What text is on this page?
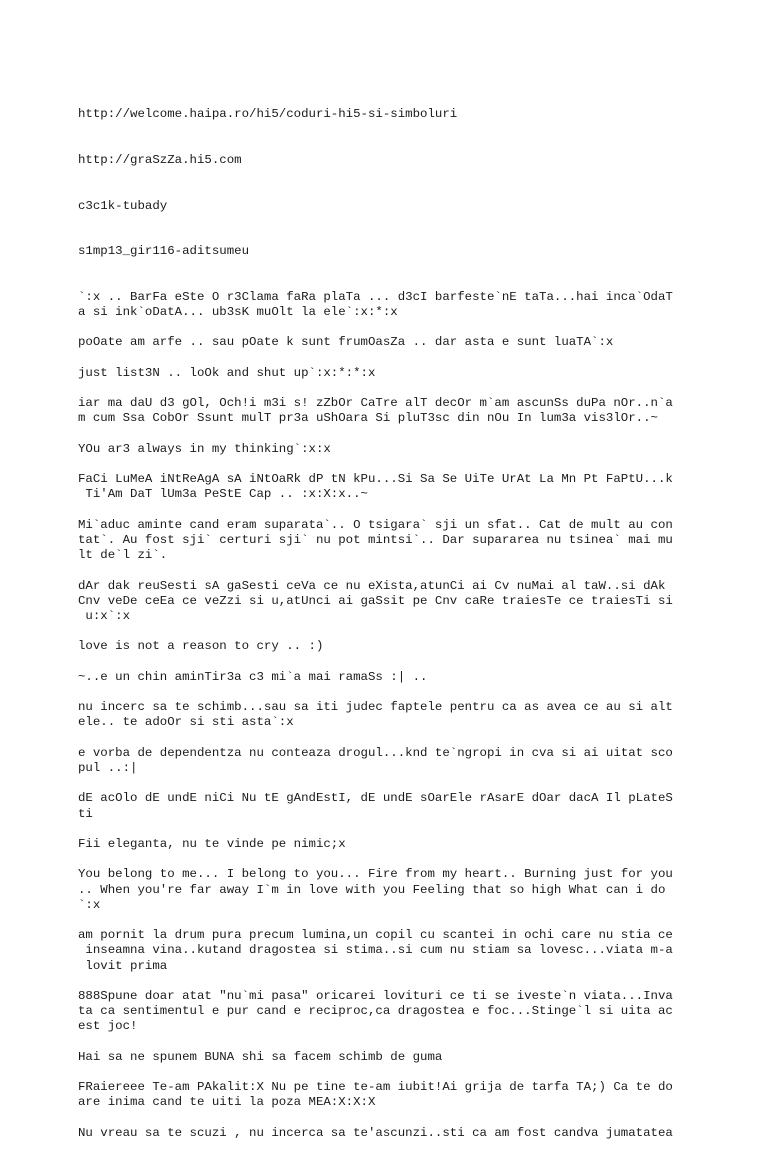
http://welcome.haipa.ro/hi5/coduri-hi5-si-simboluri

http://graSzZa.hi5.com

c3c1k-tubady

s1mp13_gir116-aditsumeu

`:x .. BarFa eSte O r3Clama faRa plaTa ... d3cI barfeste`nE taTa...hai inca`OdaT
a si ink`oDatA... ub3sK muOlt la ele`:x:*:x
poOate am arfe .. sau pOate k sunt frumOasZa .. dar asta e sunt luaTA`:x
just list3N .. loOk and shut up`:x:*:*:x
iar ma daU d3 gOl, Och!i m3i s! zZbOr CaTre alT decOr m`am ascunSs duPa nOr..n`a
m cum Ssa CobOr Ssunt mulT pr3a uShOara Si pluT3sc din nOu In lum3a vis3lOr..~
YOu ar3 always in my thinking`:x:x
FaCi LuMeA iNtReAgA sA iNtOaRk dP tN kPu...Si Sa Se UiTe UrAt La Mn Pt FaPtU...k
Ti'Am DaT lUm3a PeStE Cap .. :x:X:x..~
Mi`aduc aminte cand eram suparata`.. O tsigara` sji un sfat.. Cat de mult au con
tat`. Au fost sji` certuri sji` nu pot mintsi`.. Dar supararea nu tsinea` mai mu
lt de`l zi`.
dAr dak reuSesti sA gaSesti ceVa ce nu eXista,atunCi ai Cv nuMai al taW..si dAk
Cnv veDe ceEa ce veZzi si u,atUnci ai gaSsit pe Cnv caRe traiesTe ce traiesTi si
u:x`:x
love is not a reason to cry .. :)
~..e un chin aminTir3a c3 mi`a mai ramaSs :| ..
nu incerc sa te schimb...sau sa iti judec faptele pentru ca as avea ce au si alt
ele.. te adoOr si sti asta`:x
e vorba de dependentza nu conteaza drogul...knd te`ngropi in cva si ai uitat sco
pul ..:|
dE acOlo dE undE niCi Nu tE gAndEstI, dE undE sOarEle rAsarE dOar dacA Il pLateS
ti
Fii eleganta, nu te vinde pe nimic;x
You belong to me... I belong to you... Fire from my heart.. Burning just for you
.. When you're far away I`m in love with you Feeling that so high What can i do
`:x
am pornit la drum pura precum lumina,un copil cu scantei in ochi care nu stia ce
inseamna vina..kutand dragostea si stima..si cum nu stiam sa lovesc...viata m-a
lovit prima
888Spune doar atat "nu`mi pasa" oricarei lovituri ce ti se iveste`n viata...Inva
ta ca sentimentul e pur cand e reciproc,ca dragostea e foc...Stinge`l si uita ac
est joc!
Hai sa ne spunem BUNA shi sa facem schimb de guma
FRaiereee Te-am PAkalit:X Nu pe tine te-am iubit!Ai grija de tarfa TA;) Ca te do
are inima cand te uiti la poza MEA:X:X:X
Nu vreau sa te scuzi , nu incerca sa te'ascunzi..sti ca am fost candva jumatatea
